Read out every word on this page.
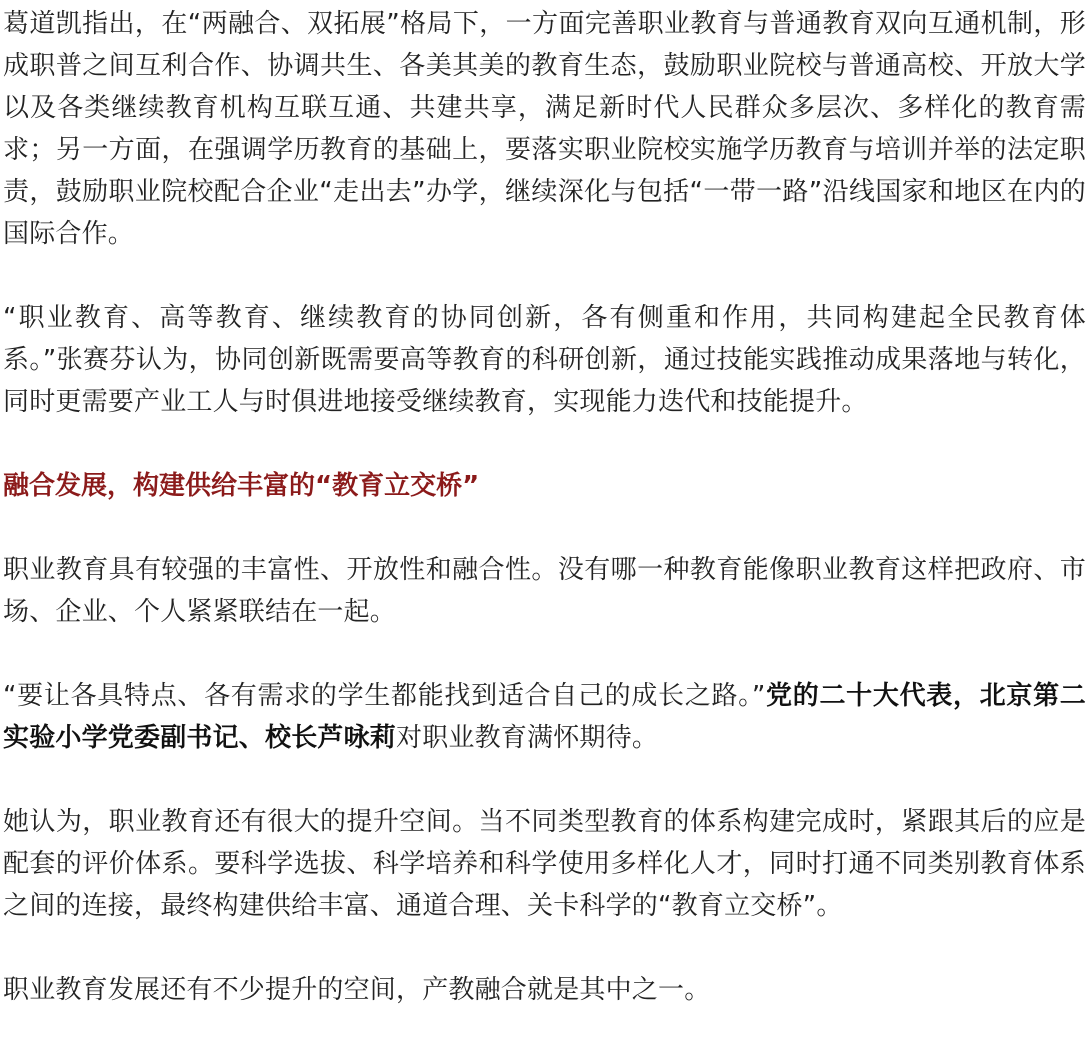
葛道凯指出，在“两融合、双拓展”格局下，一方面完善职业教育与普通教育双向互通机制，形成职普之间互利合作、协调共生、各美其美的教育生态，鼓励职业院校与普通高校、开放大学以及各类继续教育机构互联互通、共建共享，满足新时代人民群众多层次、多样化的教育需求；另一方面，在强调学历教育的基础上，要落实职业院校实施学历教育与培训并举的法定职责，鼓励职业院校配合企业“走出去”办学，继续深化与包括“一带一路”沿线国家和地区在内的国际合作。

“职业教育、高等教育、继续教育的协同创新，各有侧重和作用，共同构建起全民教育体系。”张赛芬认为，协同创新既需要高等教育的科研创新，通过技能实践推动成果落地与转化，同时更需要产业工人与时俱进地接受继续教育，实现能力迭代和技能提升。

融合发展，构建供给丰富的“教育立交桥”

职业教育具有较强的丰富性、开放性和融合性。没有哪一种教育能像职业教育这样把政府、市场、企业、个人紧紧联结在一起。

“要让各具特点、各有需求的学生都能找到适合自己的成长之路。”党的二十大代表，北京第二实验小学党委副书记、校长芦咏莉对职业教育满怀期待。

她认为，职业教育还有很大的提升空间。当不同类型教育的体系构建完成时，紧跟其后的应是配套的评价体系。要科学选拔、科学培养和科学使用多样化人才，同时打通不同类别教育体系之间的连接，最终构建供给丰富、通道合理、关卡科学的“教育立交桥”。

职业教育发展还有不少提升的空间，产教融合就是其中之一。
